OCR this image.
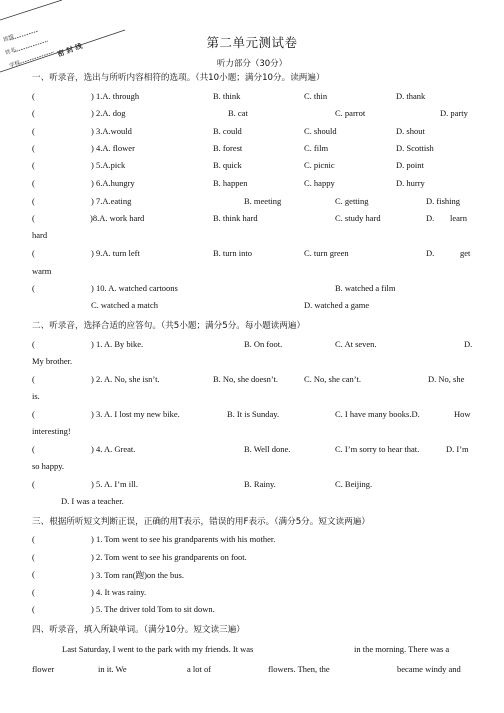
班级
姓名
学校
密 封 线	第二单元测试卷
听力部分（30分）
一、听录音，选出与所听内容相符的选项。（共10小题；满分10分。读两遍）
(	) 1.A. through	B. think	C. thin	D. thank
(	) 2.A. dog	B. cat	C. parrot	D. party
(	) 3.A.would	B. could	C. should	D. shout
(	) 4.A. flower	B. forest	C. film	D. Scottish
(	) 5.A.pick	B. quick	C. picnic	D. point
(	) 6.A.hungry	B. happen	C. happy	D. hurry
(	) 7.A.eating	B. meeting	C. getting	D. fishing
(	)8.A. work hard	B. think hard	C. study hard	D. learn
hard
(	) 9.A. turn left	B. turn into	C. turn green	D.	get
warm
(	) 10. A. watched cartoons	B. watched a film
C. watched a match	D. watched a game
二、听录音，选择合适的应答句。（共5小题；满分5分。每小题读两遍）
(	) 1. A. By bike.	B. On foot.	C. At seven.	D.
My brother.
(	) 2. A. No, she isn’t.	B. No, she doesn’t.	C. No, she can’t.	D. No, she
is.
(	) 3. A. I lost my new bike.	B. It is Sunday.	C. I have many books.D.	How
interesting!
(	) 4. A. Great.	B. Well done.	C. I’m sorry to hear that.	D. I’m
so happy.
(	) 5. A. I’m ill.	B. Rainy.	C. Beijing.
D. I was a teacher.
三、根据所听短文判断正误，正确的用T表示，错误的用F表示。（满分5分。短文读两遍）
(	) 1. Tom went to see his grandparents with his mother.
(	) 2. Tom went to see his grandparents on foot.
(	) 3. Tom ran(跑)on the bus.
(	) 4. It was rainy.
(	) 5. The driver told Tom to sit down.
四、听录音，填入所缺单词。（满分10分。短文读三遍）
Last Saturday, I went to the park with my friends. It was	in the morning. There was a
flower	in it. We	a lot of	flowers. Then, the	became windy and
